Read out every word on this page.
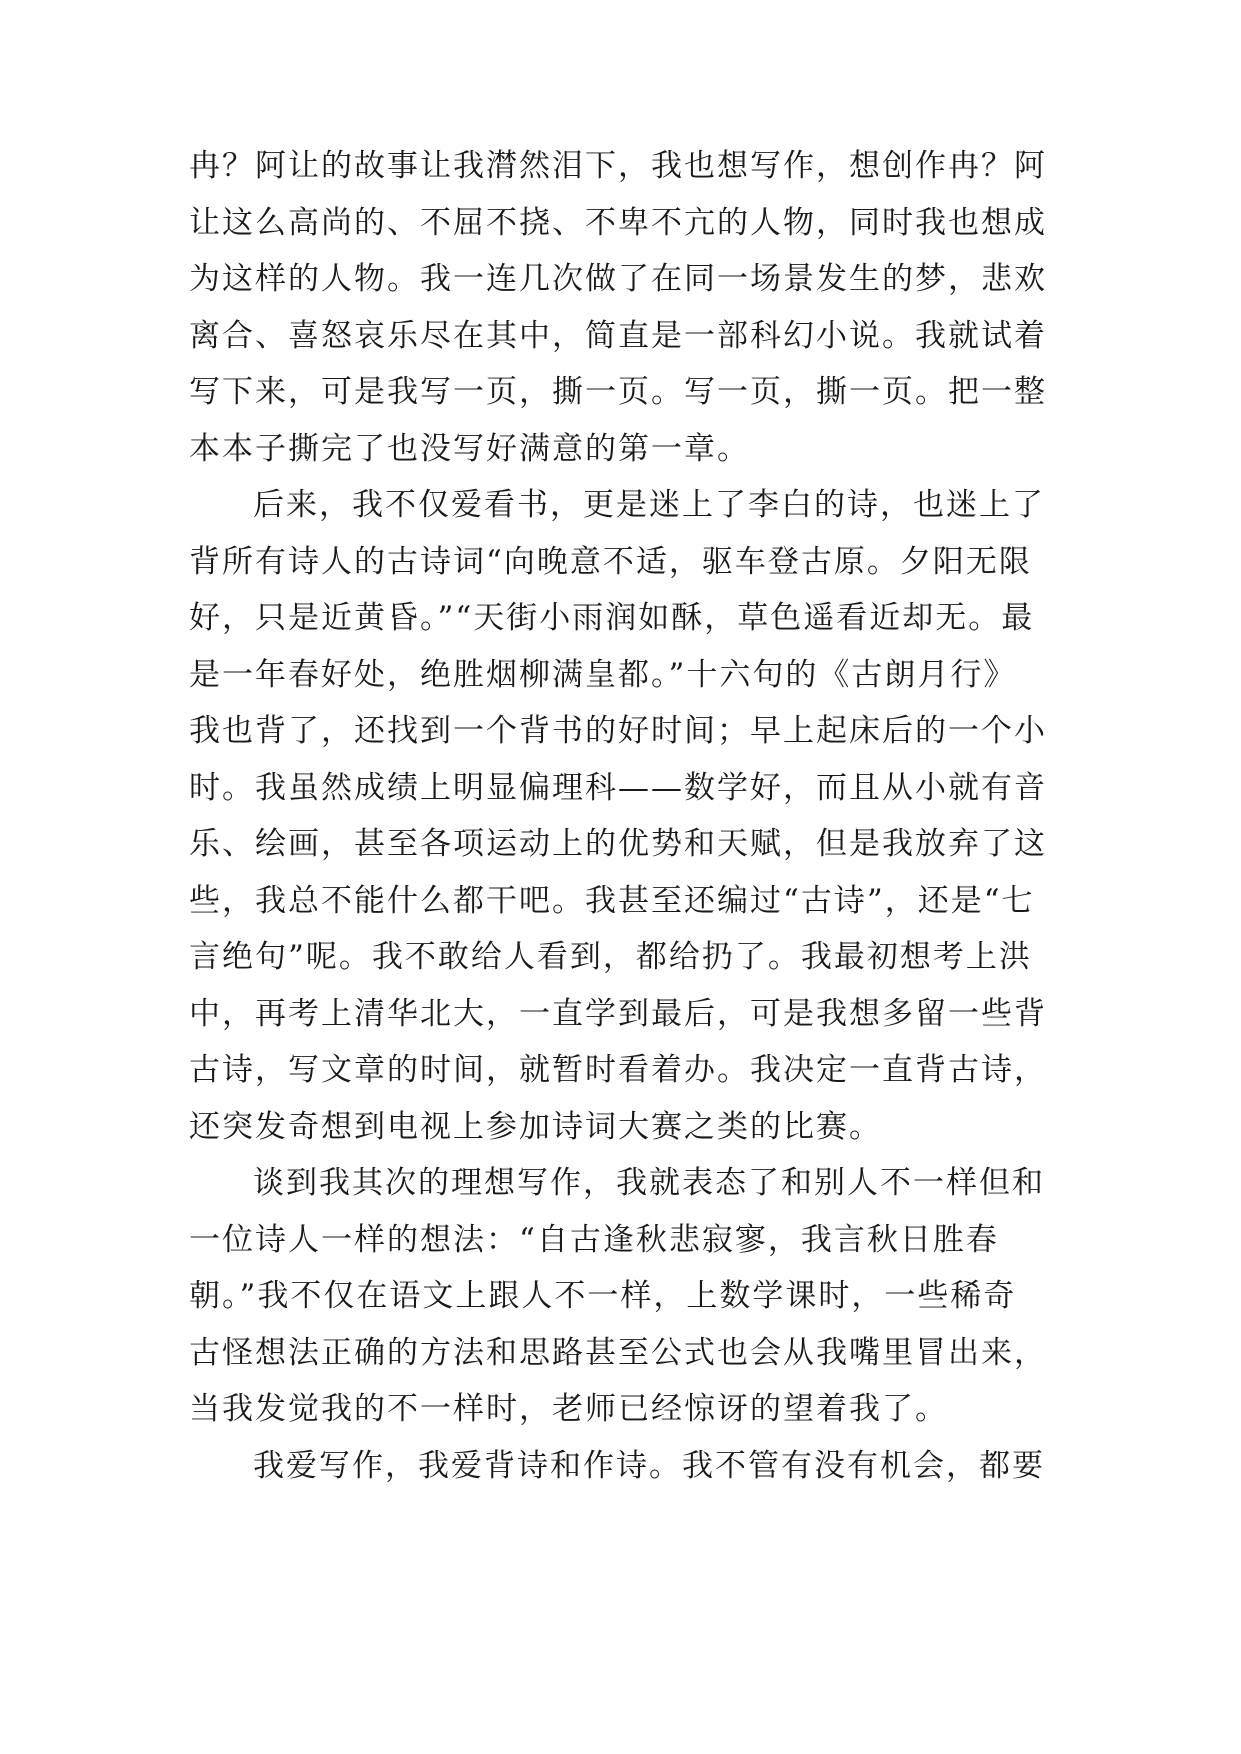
冉？阿让的故事让我潸然泪下，我也想写作，想创作冉？阿
让这么高尚的、不屈不挠、不卑不亢的人物，同时我也想成
为这样的人物。我一连几次做了在同一场景发生的梦，悲欢
离合、喜怒哀乐尽在其中，简直是一部科幻小说。我就试着
写下来，可是我写一页，撕一页。写一页，撕一页。把一整
本本子撕完了也没写好满意的第一章。
后来，我不仅爱看书，更是迷上了李白的诗，也迷上了
背所有诗人的古诗词“向晚意不适，驱车登古原。夕阳无限
好，只是近黄昏。”“天街小雨润如酥，草色遥看近却无。最
是一年春好处，绝胜烟柳满皇都。”十六句的《古朗月行》
我也背了，还找到一个背书的好时间；早上起床后的一个小
时。我虽然成绩上明显偏理科——数学好，而且从小就有音
乐、绘画，甚至各项运动上的优势和天赋，但是我放弃了这
些，我总不能什么都干吧。我甚至还编过“古诗”，还是“七
言绝句”呢。我不敢给人看到，都给扔了。我最初想考上洪
中，再考上清华北大，一直学到最后，可是我想多留一些背
古诗，写文章的时间，就暂时看着办。我决定一直背古诗，
还突发奇想到电视上参加诗词大赛之类的比赛。
谈到我其次的理想写作，我就表态了和别人不一样但和
一位诗人一样的想法：“自古逢秋悲寂寥，我言秋日胜春
朝。”我不仅在语文上跟人不一样，上数学课时，一些稀奇
古怪想法正确的方法和思路甚至公式也会从我嘴里冒出来，
当我发觉我的不一样时，老师已经惊讶的望着我了。
我爱写作，我爱背诗和作诗。我不管有没有机会，都要
